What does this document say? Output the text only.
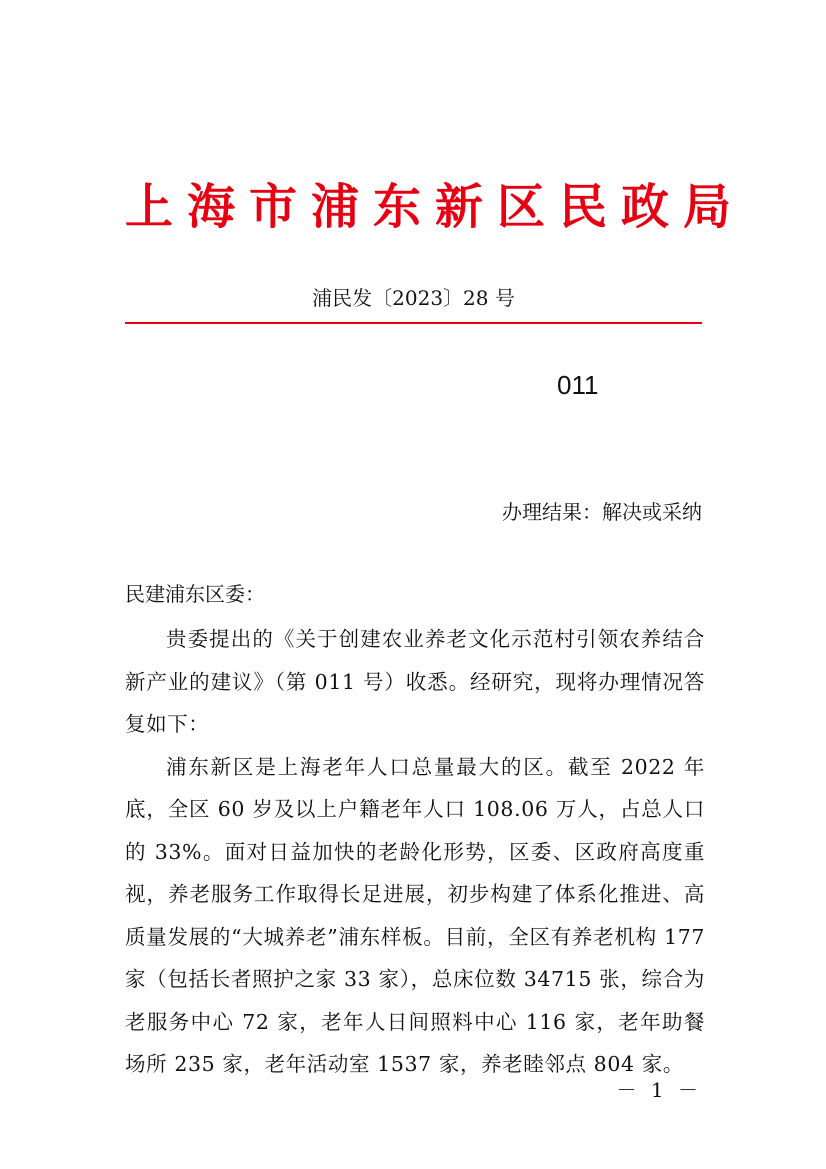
上海市浦东新区民政局
浦民发〔2023〕28 号
011
办理结果：解决或采纳
民建浦东区委：

贵委提出的《关于创建农业养老文化示范村引领农养结合新产业的建议》（第 011 号）收悉。经研究，现将办理情况答复如下：

浦东新区是上海老年人口总量最大的区。截至 2022 年底，全区 60 岁及以上户籍老年人口 108.06 万人，占总人口的 33%。面对日益加快的老龄化形势，区委、区政府高度重视，养老服务工作取得长足进展，初步构建了体系化推进、高质量发展的“大城养老”浦东样板。目前，全区有养老机构 177 家（包括长者照护之家 33 家），总床位数 34715 张，综合为老服务中心 72 家，老年人日间照料中心 116 家，老年助餐场所 235 家，老年活动室 1537 家，养老睦邻点 804 家。

－ 1 －
